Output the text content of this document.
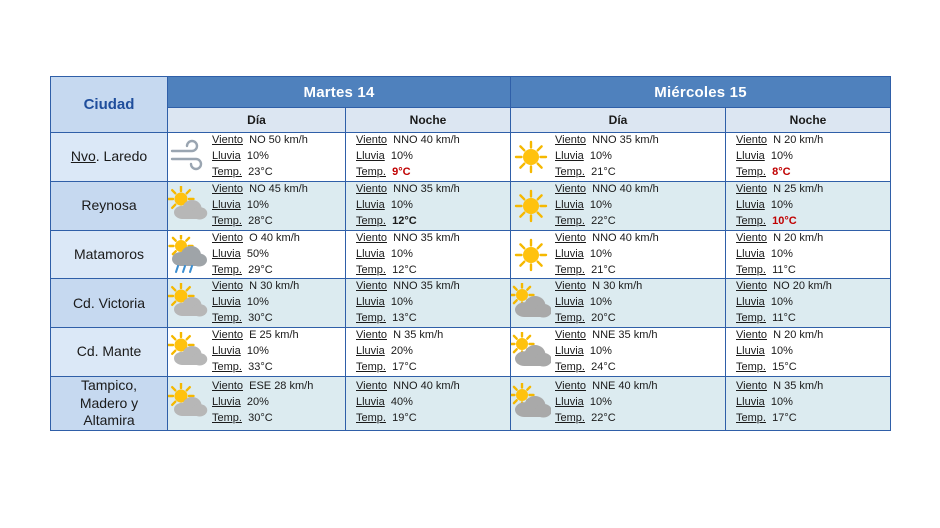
Ciudad	Martes 14		Miércoles 15	
	Día	Noche	Día	Noche
Nvo. Laredo	
Viento NO 50 km/h
Lluvia 10%
Temp. 23°C

Viento NNO 40 km/h
Lluvia 10%
Temp. 9°C

Viento NNO 35 km/h
Lluvia 10%
Temp. 21°C

Viento N 20 km/h
Lluvia 10%
Temp. 8°C

Reynosa	
Viento NO 45 km/h
Lluvia 10%
Temp. 28°C

Viento NNO 35 km/h
Lluvia 10%
Temp. 12°C

Viento NNO 40 km/h
Lluvia 10%
Temp. 22°C

Viento N 25 km/h
Lluvia 10%
Temp. 10°C

Matamoros	
Viento O 40 km/h
Lluvia 50%
Temp. 29°C

Viento NNO 35 km/h
Lluvia 10%
Temp. 12°C

Viento NNO 40 km/h
Lluvia 10%
Temp. 21°C

Viento N 20 km/h
Lluvia 10%
Temp. 11°C

Cd. Victoria	
Viento N 30 km/h
Lluvia 10%
Temp. 30°C

Viento NNO 35 km/h
Lluvia 10%
Temp. 13°C

Viento N 30 km/h
Lluvia 10%
Temp. 20°C

Viento NO 20 km/h
Lluvia 10%
Temp. 11°C

Cd. Mante	
Viento E 25 km/h
Lluvia 10%
Temp. 33°C

Viento N 35 km/h
Lluvia 20%
Temp. 17°C

Viento NNE 35 km/h
Lluvia 10%
Temp. 24°C

Viento N 20 km/h
Lluvia 10%
Temp. 15°C

Tampico,
Madero y
Altamira	
Viento ESE 28 km/h
Lluvia 20%
Temp. 30°C

Viento NNO 40 km/h
Lluvia 40%
Temp. 19°C

Viento NNE 40 km/h
Lluvia 10%
Temp. 22°C

Viento N 35 km/h
Lluvia 10%
Temp. 17°C
